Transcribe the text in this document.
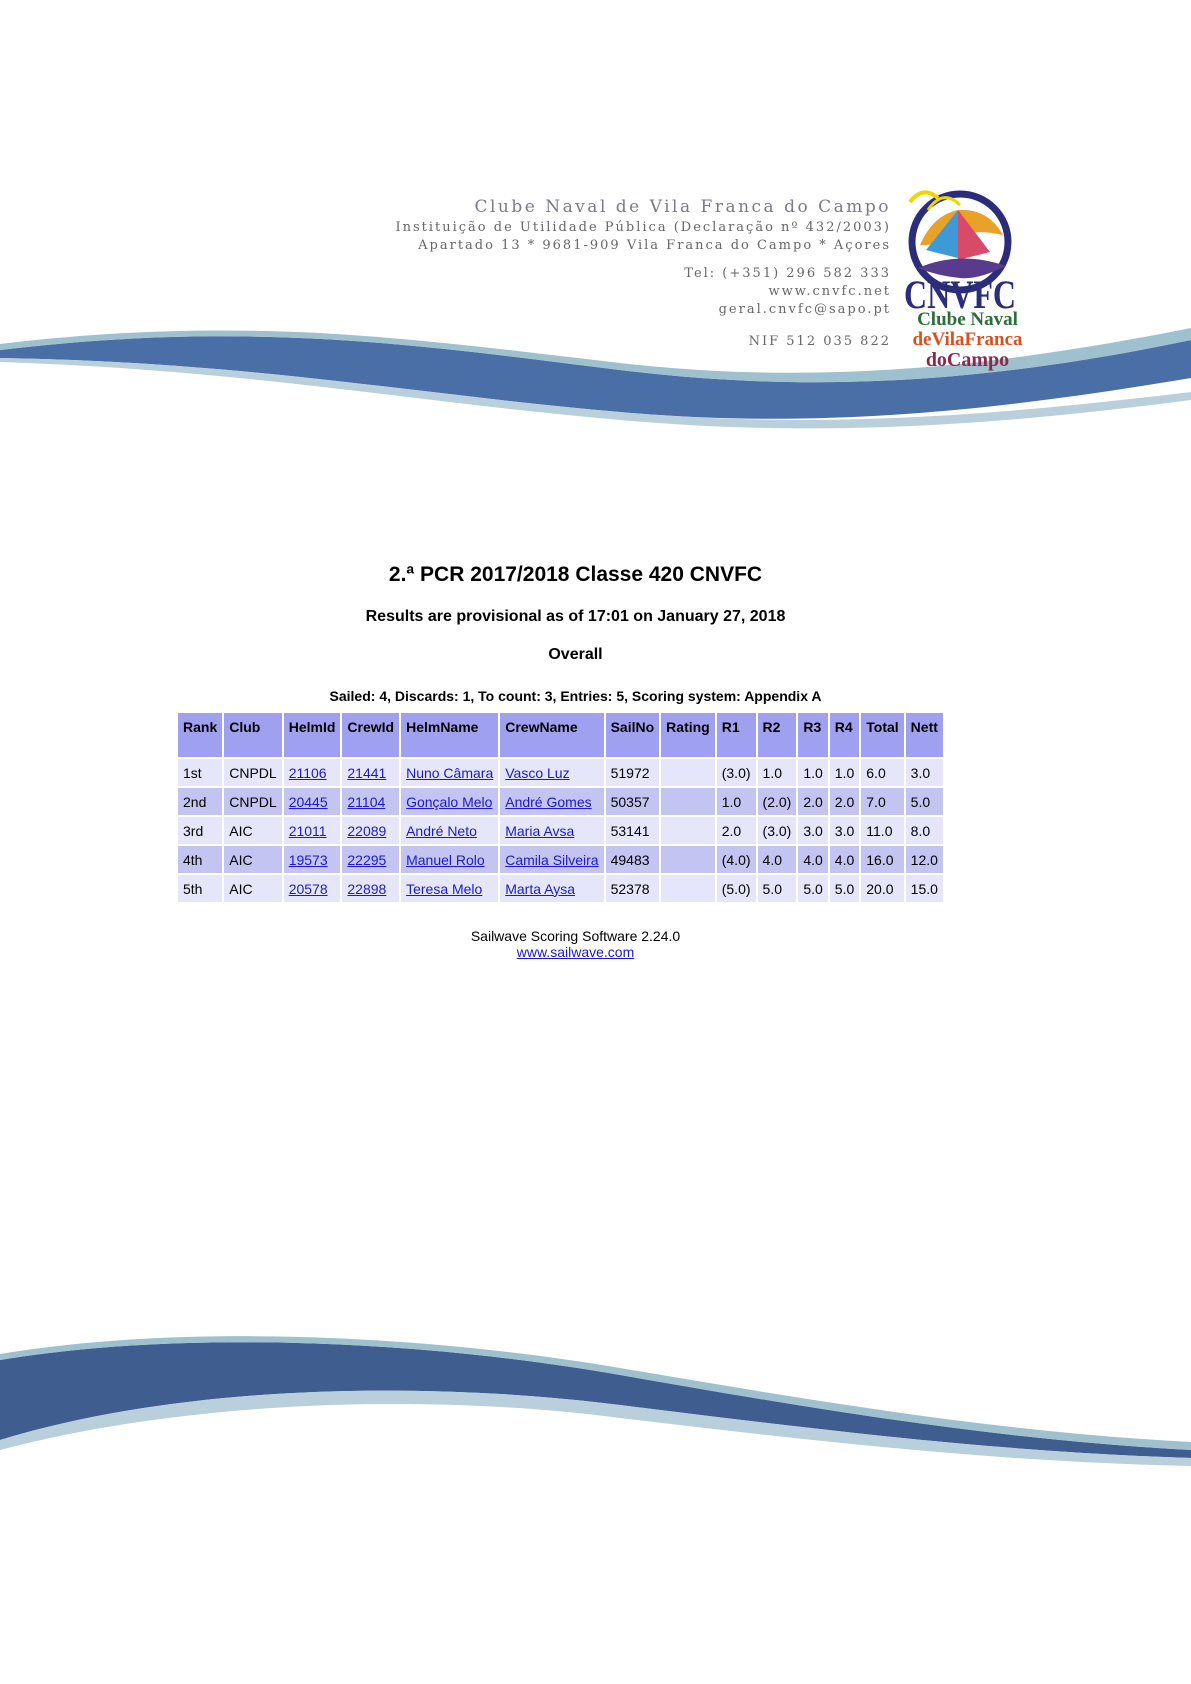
Clube Naval de Vila Franca do Campo
Instituição de Utilidade Pública (Declaração nº 432/2003)
Apartado 13 * 9681-909 Vila Franca do Campo * Açores
Tel: (+351) 296 582 333
www.cnvfc.net
geral.cnvfc@sapo.pt
NIF 512 035 822
CNVFC
Clube Naval
deVilaFranca
doCampo
2.ª PCR 2017/2018 Classe 420 CNVFC
Results are provisional as of 17:01 on January 27, 2018
Overall
Sailed: 4, Discards: 1, To count: 3, Entries: 5, Scoring system: Appendix A
Rank	Club	HelmId	CrewId	HelmName	CrewName	SailNo	Rating	R1	R2	R3	R4	Total	Nett
1st	CNPDL	21106	21441	Nuno Câmara	Vasco Luz	51972		(3.0)	1.0	1.0	1.0	6.0	3.0
2nd	CNPDL	20445	21104	Gonçalo Melo	André Gomes	50357		1.0	(2.0)	2.0	2.0	7.0	5.0
3rd	AIC	21011	22089	André Neto	Maria Avsa	53141		2.0	(3.0)	3.0	3.0	11.0	8.0
4th	AIC	19573	22295	Manuel Rolo	Camila Silveira	49483		(4.0)	4.0	4.0	4.0	16.0	12.0
5th	AIC	20578	22898	Teresa Melo	Marta Aysa	52378		(5.0)	5.0	5.0	5.0	20.0	15.0
Sailwave Scoring Software 2.24.0
www.sailwave.com
